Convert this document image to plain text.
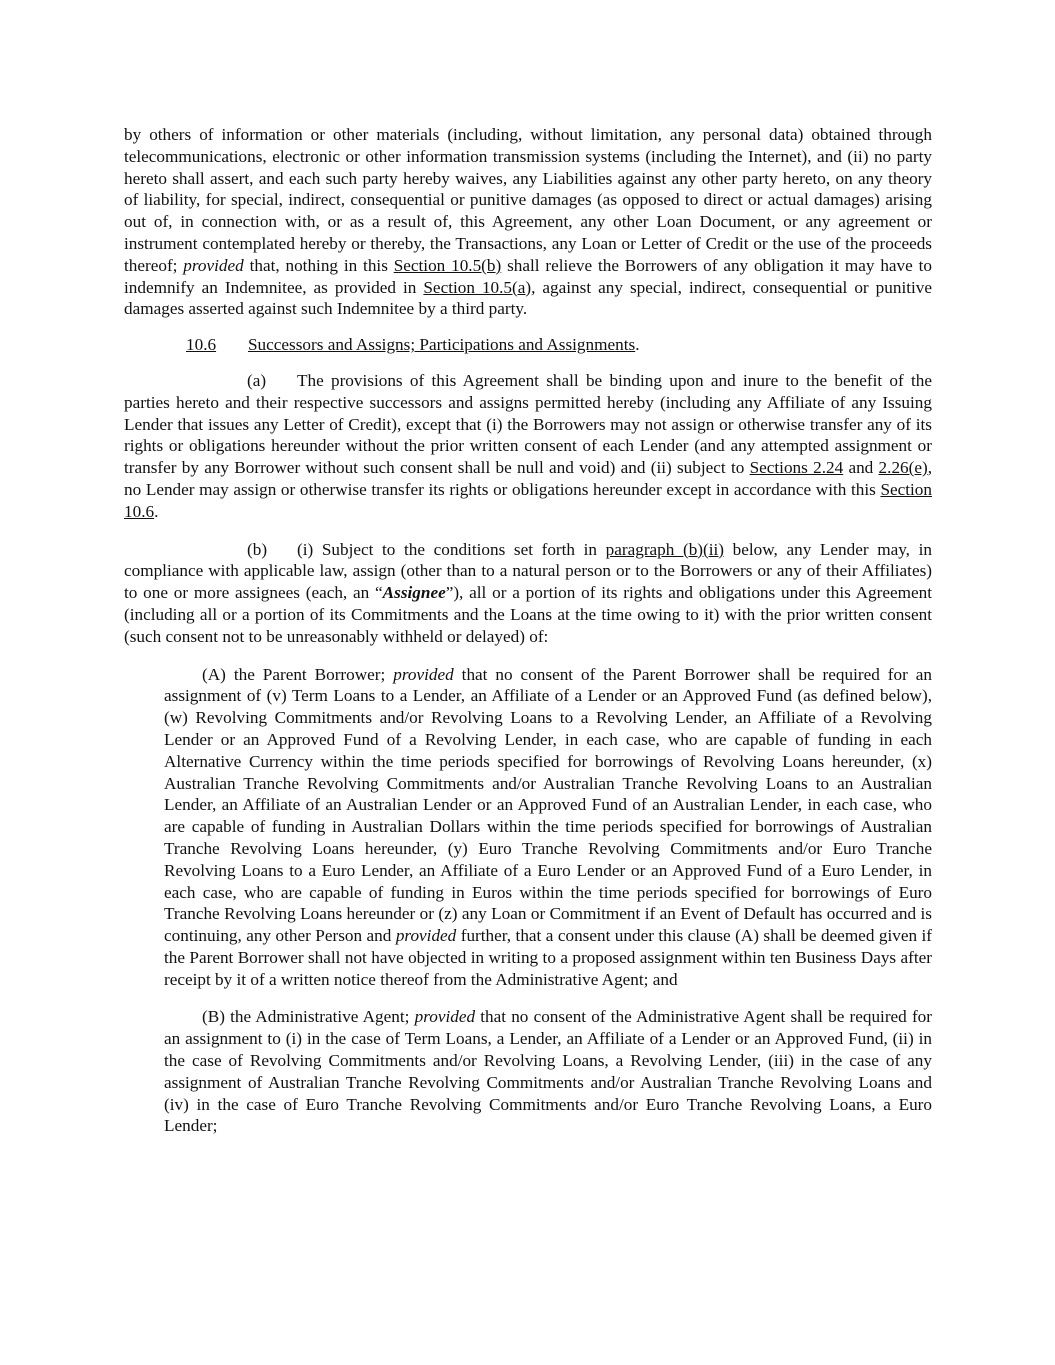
by others of information or other materials (including, without limitation, any personal data) obtained through telecommunications, electronic or other information transmission systems (including the Internet), and (ii) no party hereto shall assert, and each such party hereby waives, any Liabilities against any other party hereto, on any theory of liability, for special, indirect, consequential or punitive damages (as opposed to direct or actual damages) arising out of, in connection with, or as a result of, this Agreement, any other Loan Document, or any agreement or instrument contemplated hereby or thereby, the Transactions, any Loan or Letter of Credit or the use of the proceeds thereof; provided that, nothing in this Section 10.5(b) shall relieve the Borrowers of any obligation it may have to indemnify an Indemnitee, as provided in Section 10.5(a), against any special, indirect, consequential or punitive damages asserted against such Indemnitee by a third party.

10.6 Successors and Assigns; Participations and Assignments.

(a) The provisions of this Agreement shall be binding upon and inure to the benefit of the parties hereto and their respective successors and assigns permitted hereby (including any Affiliate of any Issuing Lender that issues any Letter of Credit), except that (i) the Borrowers may not assign or otherwise transfer any of its rights or obligations hereunder without the prior written consent of each Lender (and any attempted assignment or transfer by any Borrower without such consent shall be null and void) and (ii) subject to Sections 2.24 and 2.26(e), no Lender may assign or otherwise transfer its rights or obligations hereunder except in accordance with this Section 10.6.

(b) (i) Subject to the conditions set forth in paragraph (b)(ii) below, any Lender may, in compliance with applicable law, assign (other than to a natural person or to the Borrowers or any of their Affiliates) to one or more assignees (each, an “Assignee”), all or a portion of its rights and obligations under this Agreement (including all or a portion of its Commitments and the Loans at the time owing to it) with the prior written consent (such consent not to be unreasonably withheld or delayed) of:

(A) the Parent Borrower; provided that no consent of the Parent Borrower shall be required for an assignment of (v) Term Loans to a Lender, an Affiliate of a Lender or an Approved Fund (as defined below), (w) Revolving Commitments and/or Revolving Loans to a Revolving Lender, an Affiliate of a Revolving Lender or an Approved Fund of a Revolving Lender, in each case, who are capable of funding in each Alternative Currency within the time periods specified for borrowings of Revolving Loans hereunder, (x) Australian Tranche Revolving Commitments and/or Australian Tranche Revolving Loans to an Australian Lender, an Affiliate of an Australian Lender or an Approved Fund of an Australian Lender, in each case, who are capable of funding in Australian Dollars within the time periods specified for borrowings of Australian Tranche Revolving Loans hereunder, (y) Euro Tranche Revolving Commitments and/or Euro Tranche Revolving Loans to a Euro Lender, an Affiliate of a Euro Lender or an Approved Fund of a Euro Lender, in each case, who are capable of funding in Euros within the time periods specified for borrowings of Euro Tranche Revolving Loans hereunder or (z) any Loan or Commitment if an Event of Default has occurred and is continuing, any other Person and provided further, that a consent under this clause (A) shall be deemed given if the Parent Borrower shall not have objected in writing to a proposed assignment within ten Business Days after receipt by it of a written notice thereof from the Administrative Agent; and

(B) the Administrative Agent; provided that no consent of the Administrative Agent shall be required for an assignment to (i) in the case of Term Loans, a Lender, an Affiliate of a Lender or an Approved Fund, (ii) in the case of Revolving Commitments and/or Revolving Loans, a Revolving Lender, (iii) in the case of any assignment of Australian Tranche Revolving Commitments and/or Australian Tranche Revolving Loans and (iv) in the case of Euro Tranche Revolving Commitments and/or Euro Tranche Revolving Loans, a Euro Lender;
